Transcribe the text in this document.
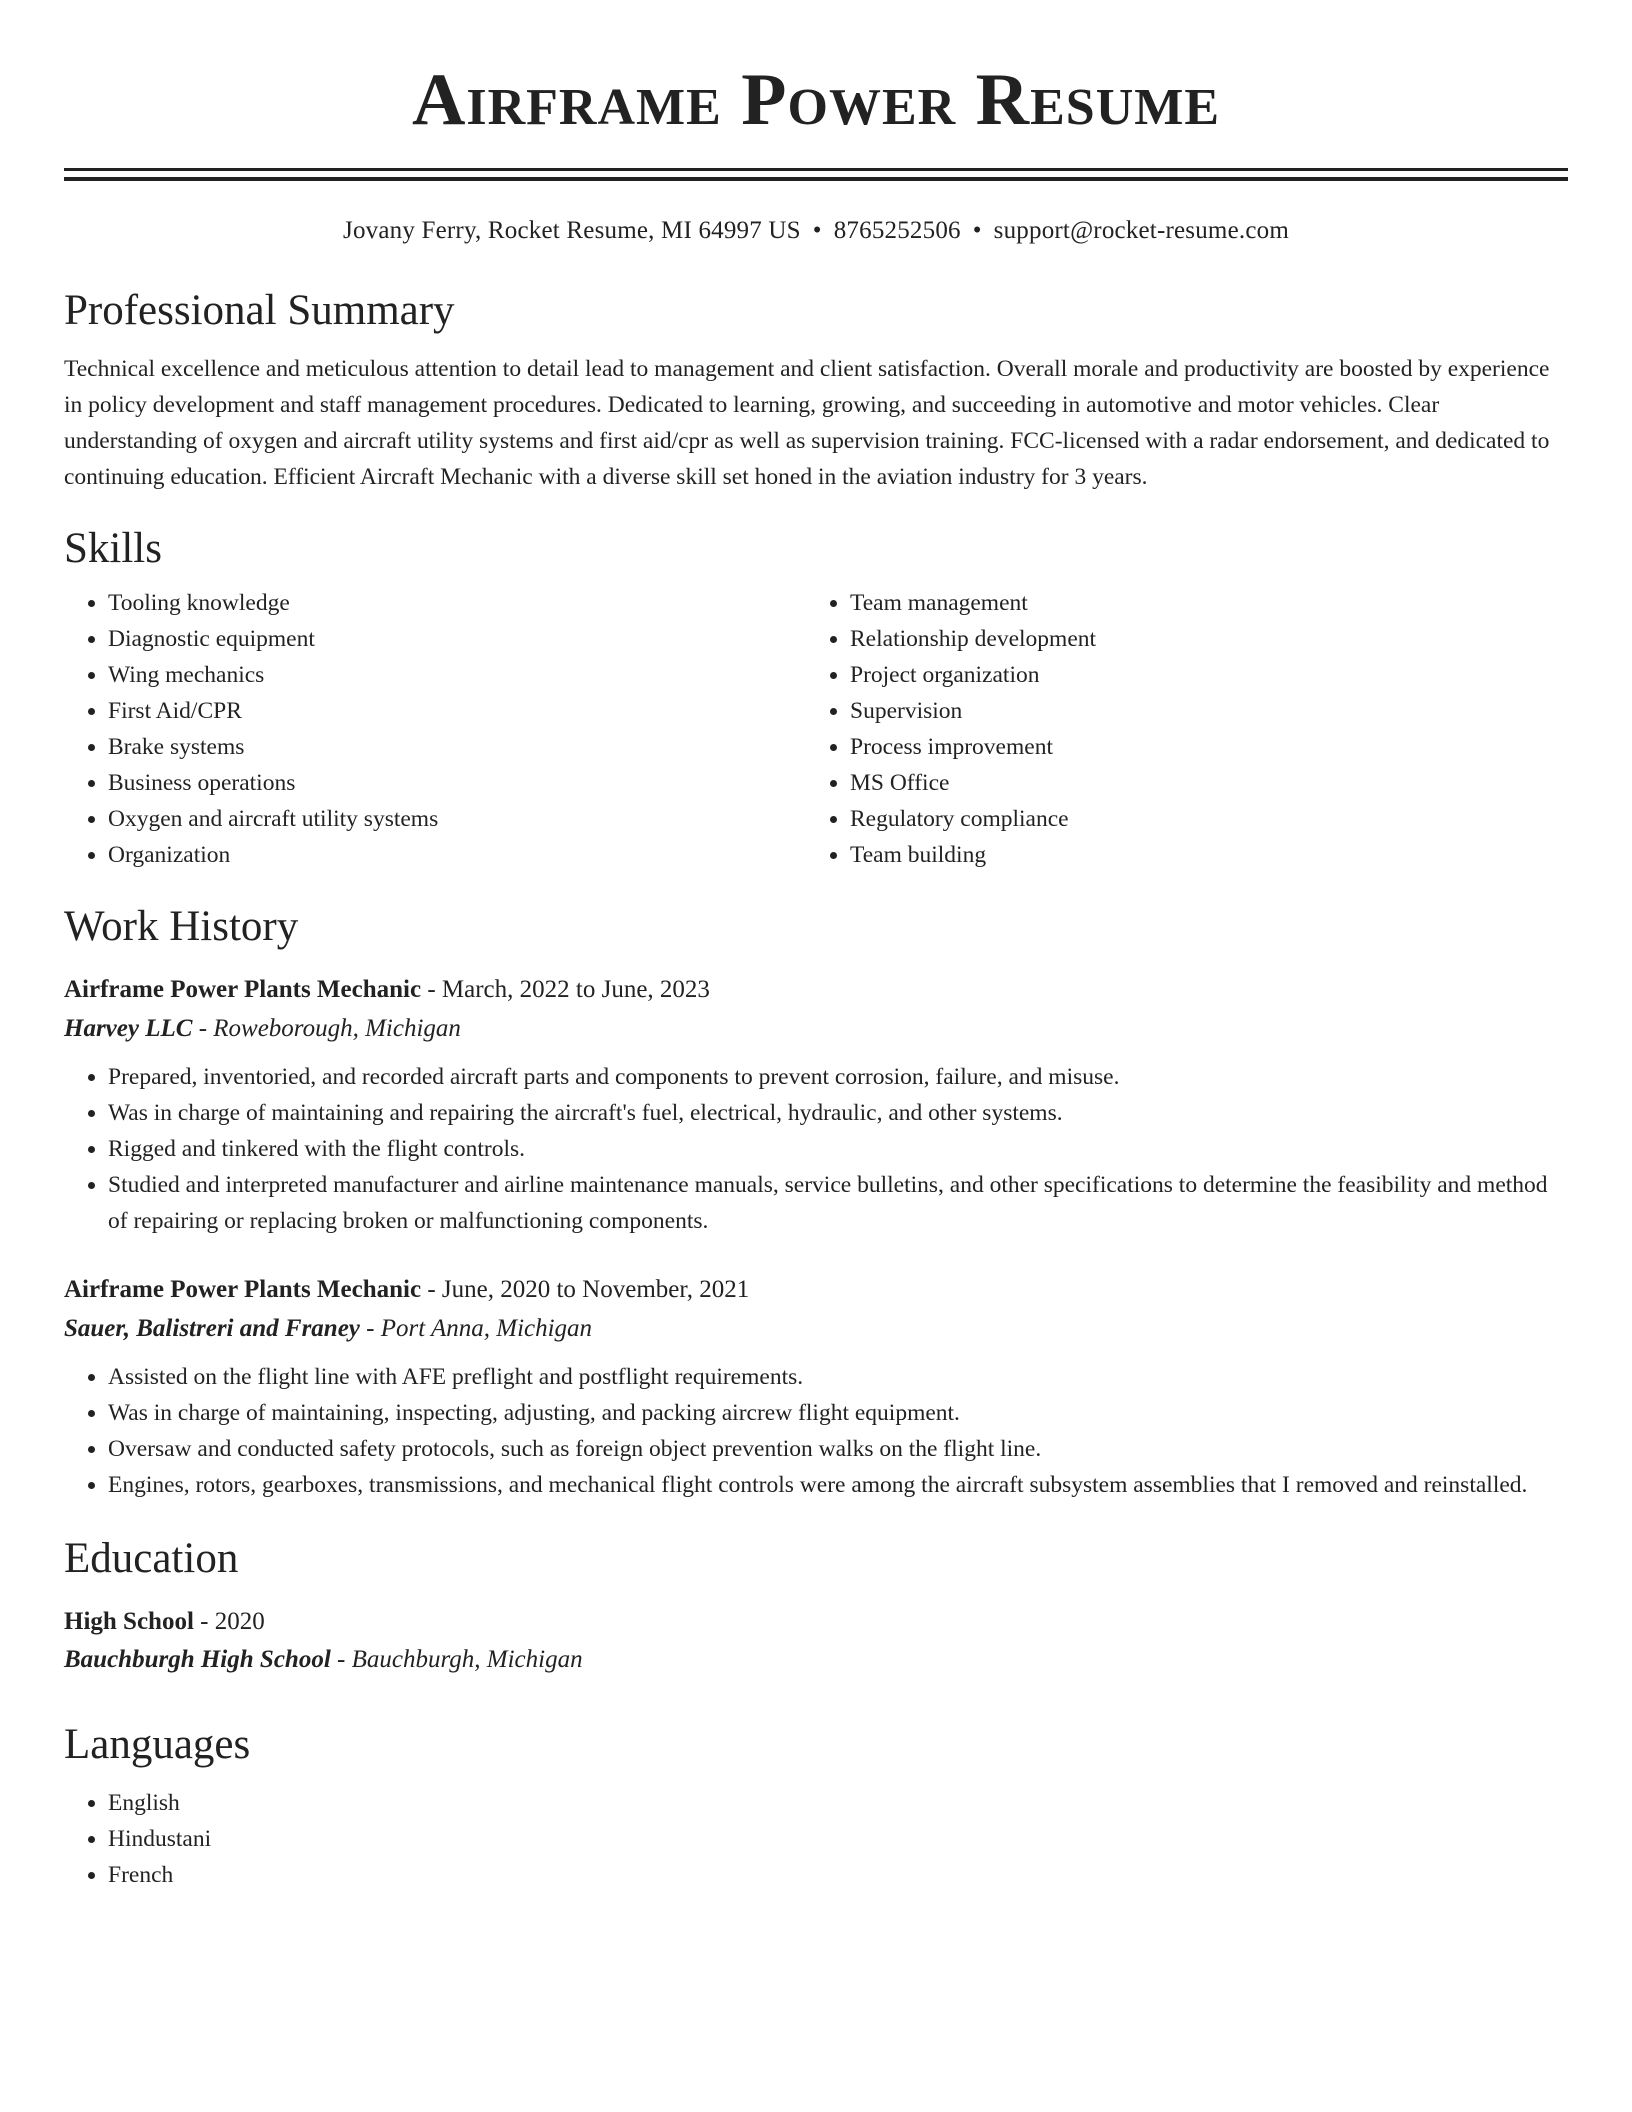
Airframe Power Resume
Jovany Ferry, Rocket Resume, MI 64997 US • 8765252506 • support@rocket-resume.com
Professional Summary

Technical excellence and meticulous attention to detail lead to management and client satisfaction. Overall morale and productivity are boosted by experience in policy development and staff management procedures. Dedicated to learning, growing, and succeeding in automotive and motor vehicles. Clear understanding of oxygen and aircraft utility systems and first aid/cpr as well as supervision training. FCC-licensed with a radar endorsement, and dedicated to continuing education. Efficient Aircraft Mechanic with a diverse skill set honed in the aviation industry for 3 years.

Skills
• Tooling knowledge
• Diagnostic equipment
• Wing mechanics
• First Aid/CPR
• Brake systems
• Business operations
• Oxygen and aircraft utility systems
• Organization
• Team management
• Relationship development
• Project organization
• Supervision
• Process improvement
• MS Office
• Regulatory compliance
• Team building
Work History
Airframe Power Plants Mechanic - March, 2022 to June, 2023
Harvey LLC - Roweborough, Michigan
• Prepared, inventoried, and recorded aircraft parts and components to prevent corrosion, failure, and misuse.
• Was in charge of maintaining and repairing the aircraft's fuel, electrical, hydraulic, and other systems.
• Rigged and tinkered with the flight controls.
• Studied and interpreted manufacturer and airline maintenance manuals, service bulletins, and other specifications to determine the feasibility and method of repairing or replacing broken or malfunctioning components.
Airframe Power Plants Mechanic - June, 2020 to November, 2021
Sauer, Balistreri and Franey - Port Anna, Michigan
• Assisted on the flight line with AFE preflight and postflight requirements.
• Was in charge of maintaining, inspecting, adjusting, and packing aircrew flight equipment.
• Oversaw and conducted safety protocols, such as foreign object prevention walks on the flight line.
• Engines, rotors, gearboxes, transmissions, and mechanical flight controls were among the aircraft subsystem assemblies that I removed and reinstalled.
Education
High School - 2020
Bauchburgh High School - Bauchburgh, Michigan
Languages
• English
• Hindustani
• French
